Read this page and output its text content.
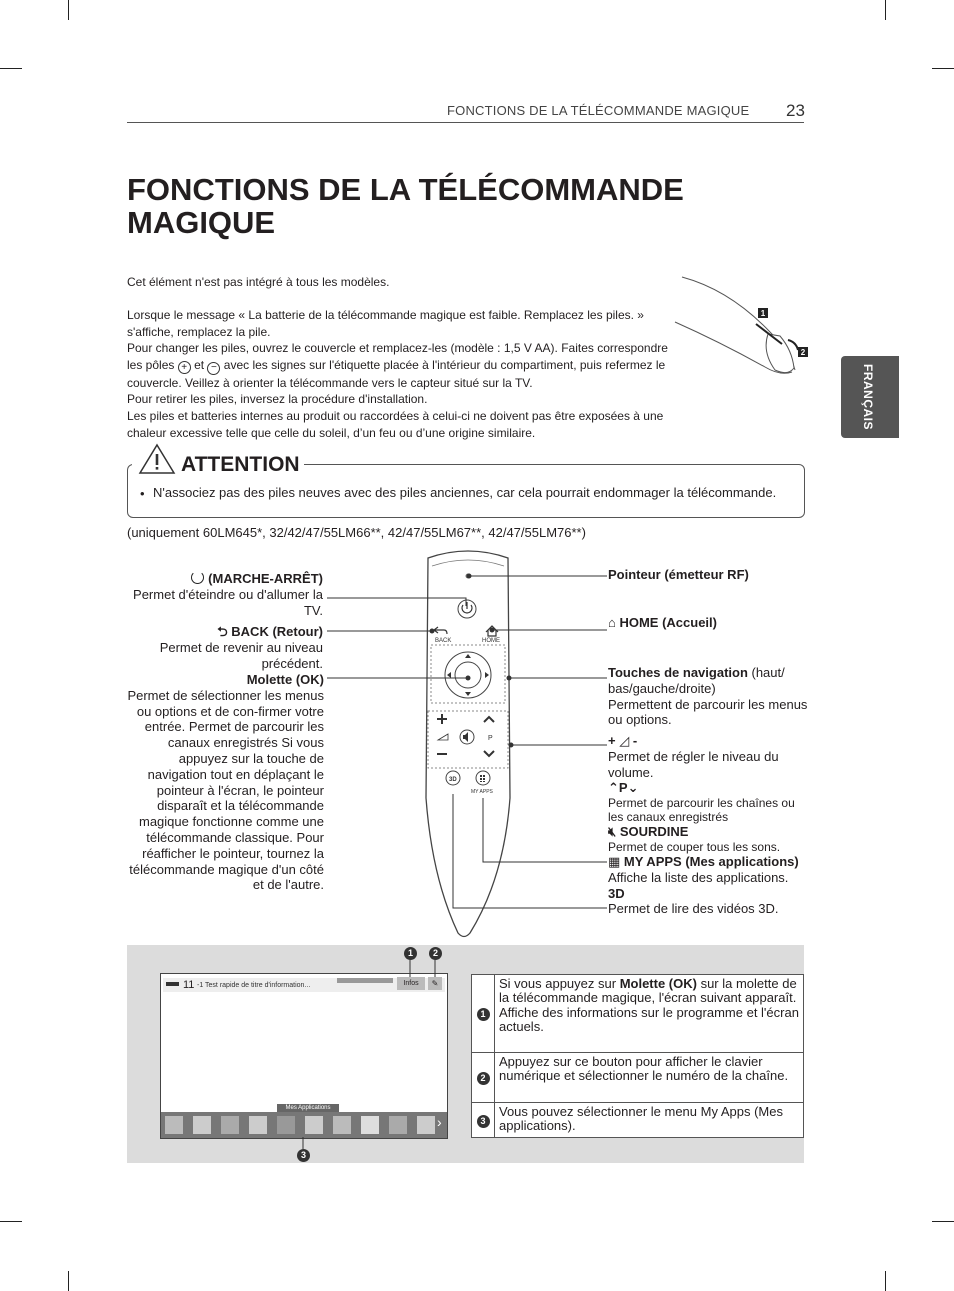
FONCTIONS DE LA TÉLÉCOMMANDE MAGIQUE 23
FRANÇAIS
FONCTIONS DE LA TÉLÉCOMMANDE MAGIQUE
Cet élément n'est pas intégré à tous les modèles.
Lorsque le message « La batterie de la télécommande magique est faible. Remplacez les piles. »
s'affiche, remplacez la pile.
Pour changer les piles, ouvrez le couvercle et remplacez-les (modèle : 1,5 V AA). Faites correspondre
les pôles + et − avec les signes sur l'étiquette placée à l'intérieur du compartiment, puis refermez le
couvercle. Veillez à orienter la télécommande vers le capteur situé sur la TV.
Pour retirer les piles, inversez la procédure d'installation.
Les piles et batteries internes au produit ou raccordées à celui-ci ne doivent pas être exposées à une
chaleur excessive telle que celle du soleil, d’un feu ou d’une origine similaire.
1
2
ATTENTION
• N'associez pas des piles neuves avec des piles anciennes, car cela pourrait endommager la télécommande.
(uniquement 60LM645*, 32/42/47/55LM66**, 42/47/55LM67**, 42/47/55LM76**)
BACK	HOME
P
3D
MY APPS
(MARCHE-ARRÊT)
Permet d'éteindre ou d'allumer la TV.
⮌ BACK (Retour)
Permet de revenir au niveau précédent.
Molette (OK)
Permet de sélectionner les menus ou options et de con-firmer votre entrée. Permet de parcourir les canaux enregistrés Si vous appuyez sur la touche de navigation tout en déplaçant le pointeur à l'écran, le pointeur disparaît et la télécommande magique fonctionne comme une télécommande classique. Pour réafficher le pointeur, tournez la télécommande magique d'un côté et de l'autre.
Pointeur (émetteur RF)
⌂ HOME (Accueil)
Touches de navigation (haut/ bas/gauche/droite)
Permettent de parcourir les menus ou options.
+ ◿ -
Permet de régler le niveau du volume.
⌃P⌄
Permet de parcourir les chaînes ou les canaux enregistrés
🔇︎ SOURDINE
Permet de couper tous les sons.
▦ MY APPS (Mes applications)
Affiche la liste des applications.
3D
Permet de lire des vidéos 3D.
11 -1 Test rapide de titre d'information...	Infos	✎
Mes Applications
›
1	2
3
1	Si vous appuyez sur Molette (OK) sur la molette de la télécommande magique, l'écran suivant apparaît.
Affiche des informations sur le programme et l'écran actuels.

2	Appuyez sur ce bouton pour afficher le clavier numérique et sélectionner le numéro de la chaîne.
3	Vous pouvez sélectionner le menu My Apps (Mes applications).
